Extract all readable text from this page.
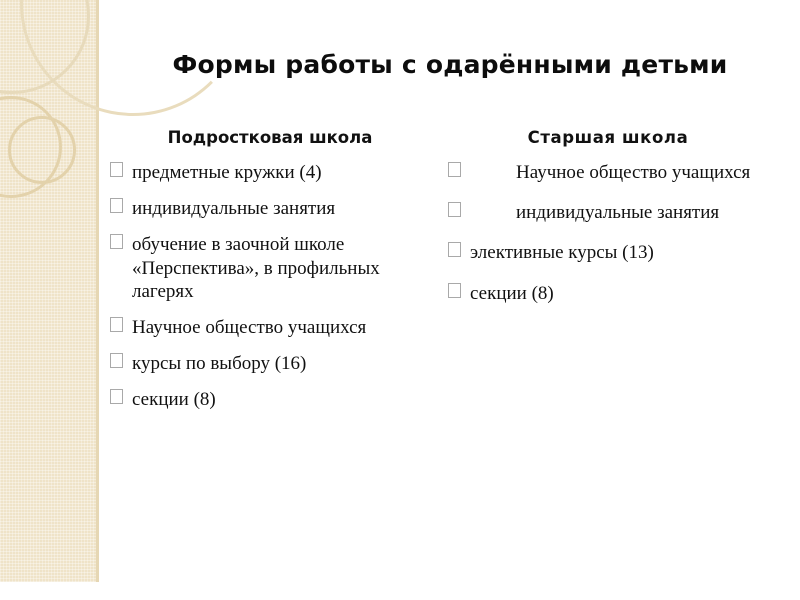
Формы работы с одарёнными детьми
Подростковая школа
предметные кружки (4)
индивидуальные занятия
обучение в заочной школе «Перспектива», в профильных лагерях
Научное общество учащихся
курсы по выбору (16)
секции (8)
Старшая школа
Научное общество учащихся
индивидуальные занятия
элективные курсы (13)
секции (8)
